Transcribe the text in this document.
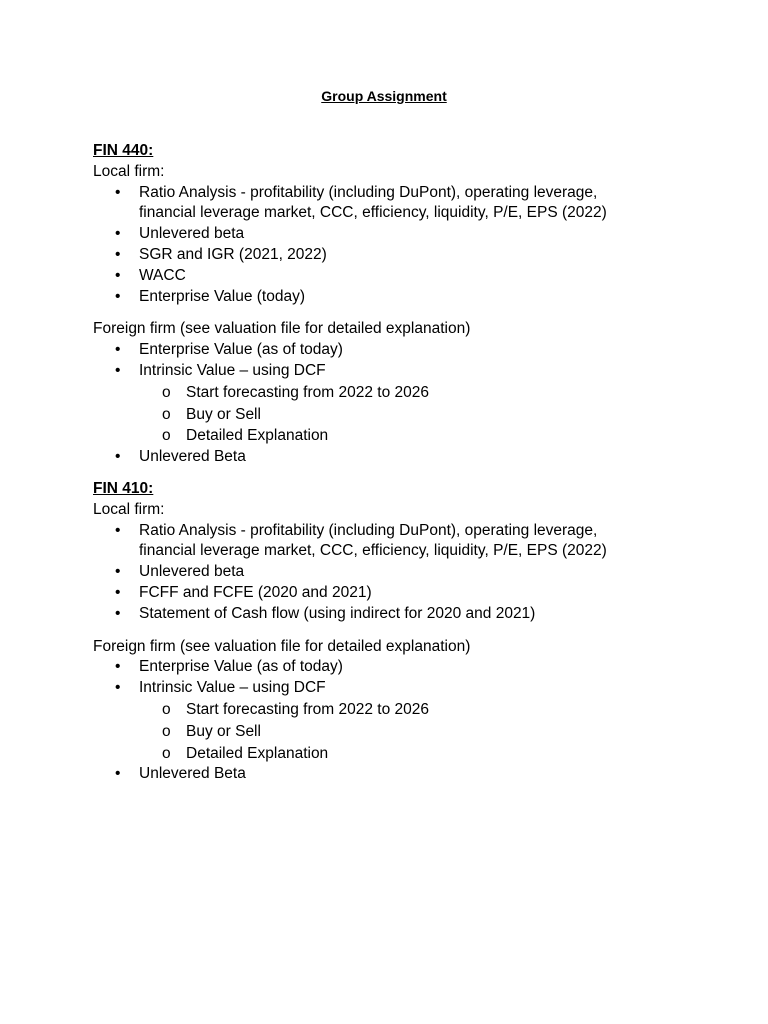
Group Assignment
FIN 440:
Local firm:
• Ratio Analysis - profitability (including DuPont), operating leverage, financial leverage market, CCC, efficiency, liquidity, P/E, EPS (2022)
• Unlevered beta
• SGR and IGR (2021, 2022)
• WACC
• Enterprise Value (today)
Foreign firm (see valuation file for detailed explanation)
• Enterprise Value (as of today)
• Intrinsic Value – using DCF
o Start forecasting from 2022 to 2026
o Buy or Sell
o Detailed Explanation
• Unlevered Beta
FIN 410:
Local firm:
• Ratio Analysis - profitability (including DuPont), operating leverage, financial leverage market, CCC, efficiency, liquidity, P/E, EPS (2022)
• Unlevered beta
• FCFF and FCFE (2020 and 2021)
• Statement of Cash flow (using indirect for 2020 and 2021)
Foreign firm (see valuation file for detailed explanation)
• Enterprise Value (as of today)
• Intrinsic Value – using DCF
o Start forecasting from 2022 to 2026
o Buy or Sell
o Detailed Explanation
• Unlevered Beta
